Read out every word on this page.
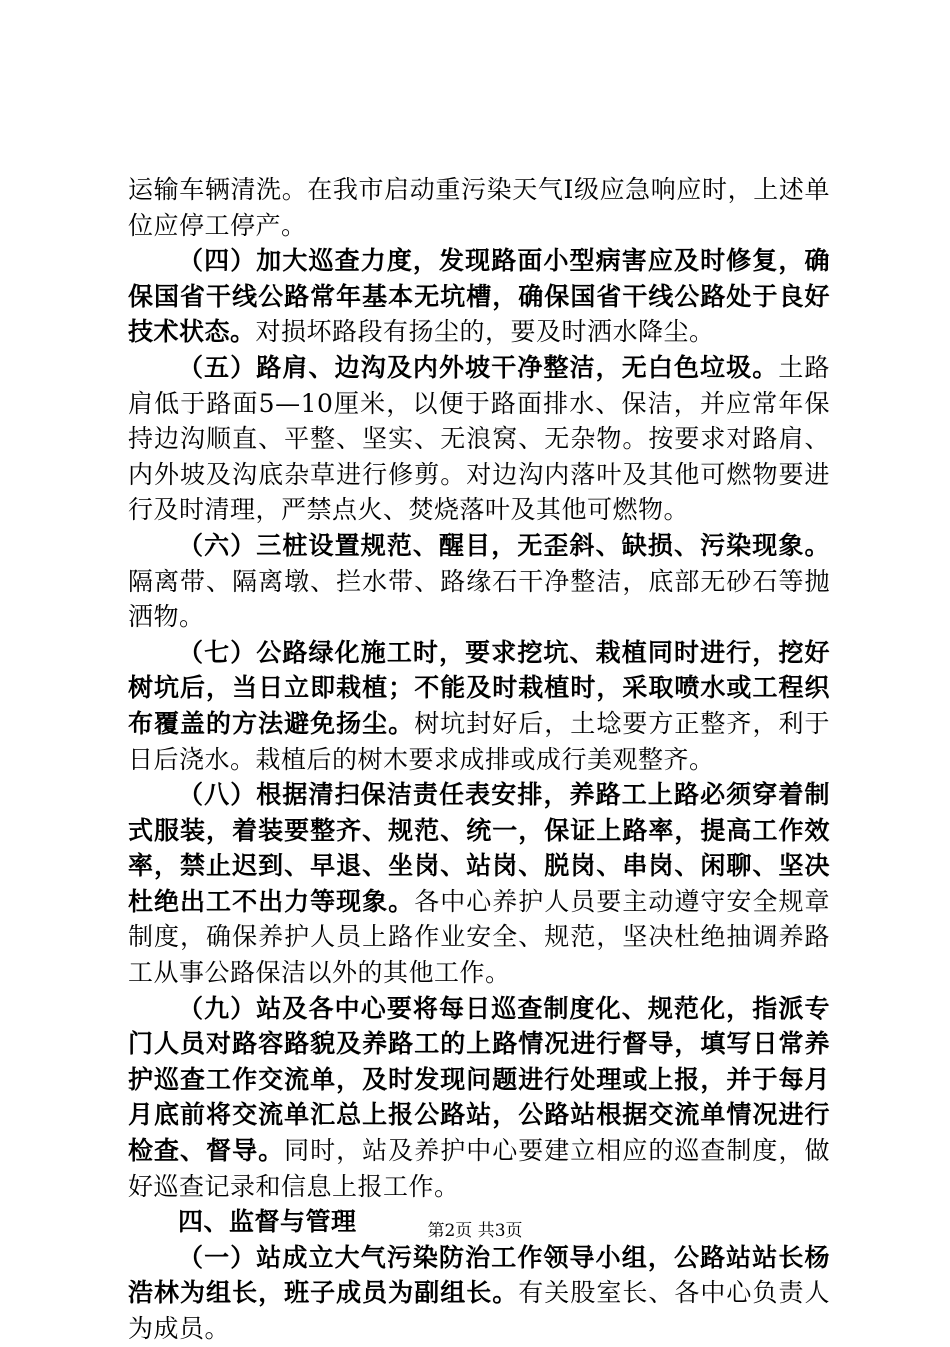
运输车辆清洗。在我市启动重污染天气Ⅰ级应急响应时，上述单位应停工停产。

（四）加大巡查力度，发现路面小型病害应及时修复，确保国省干线公路常年基本无坑槽，确保国省干线公路处于良好技术状态。对损坏路段有扬尘的，要及时洒水降尘。

（五）路肩、边沟及内外坡干净整洁，无白色垃圾。土路肩低于路面5—10厘米，以便于路面排水、保洁，并应常年保持边沟顺直、平整、坚实、无浪窝、无杂物。按要求对路肩、内外坡及沟底杂草进行修剪。对边沟内落叶及其他可燃物要进行及时清理，严禁点火、焚烧落叶及其他可燃物。

（六）三桩设置规范、醒目，无歪斜、缺损、污染现象。隔离带、隔离墩、拦水带、路缘石干净整洁，底部无砂石等抛洒物。

（七）公路绿化施工时，要求挖坑、栽植同时进行，挖好树坑后，当日立即栽植；不能及时栽植时，采取喷水或工程织布覆盖的方法避免扬尘。树坑封好后，土埝要方正整齐，利于日后浇水。栽植后的树木要求成排或成行美观整齐。

（八）根据清扫保洁责任表安排，养路工上路必须穿着制式服装，着装要整齐、规范、统一，保证上路率，提高工作效率，禁止迟到、早退、坐岗、站岗、脱岗、串岗、闲聊、坚决杜绝出工不出力等现象。各中心养护人员要主动遵守安全规章制度，确保养护人员上路作业安全、规范，坚决杜绝抽调养路工从事公路保洁以外的其他工作。

（九）站及各中心要将每日巡查制度化、规范化，指派专门人员对路容路貌及养路工的上路情况进行督导，填写日常养护巡查工作交流单，及时发现问题进行处理或上报，并于每月月底前将交流单汇总上报公路站，公路站根据交流单情况进行检查、督导。同时，站及养护中心要建立相应的巡查制度，做好巡查记录和信息上报工作。

四、监督与管理

（一）站成立大气污染防治工作领导小组，公路站站长杨浩林为组长，班子成员为副组长。有关股室长、各中心负责人为成员。

第2页 共3页
